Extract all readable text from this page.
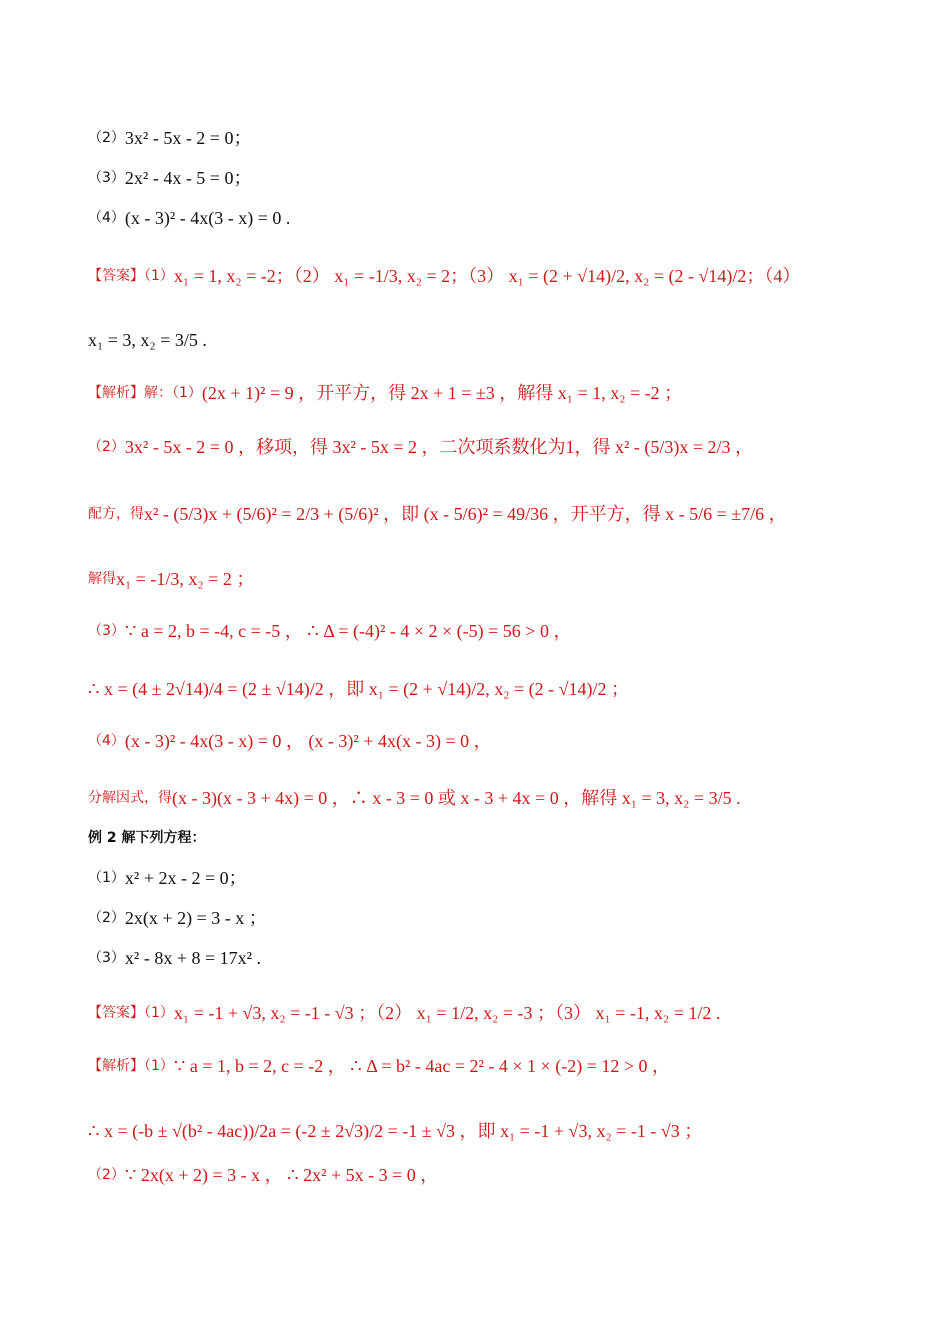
（2） 3x² - 5x - 2 = 0；
（3） 2x² - 4x - 5 = 0；
（4） (x - 3)² - 4x(3 - x) = 0 .
【答案】（1） x₁ = 1, x₂ = -2；（2） x₁ = -1/3, x₂ = 2；（3） x₁ = (2 + √14)/2, x₂ = (2 - √14)/2；（4）
x₁ = 3, x₂ = 3/5 .
【解析】解：（1） (2x + 1)² = 9 ，开平方，得 2x + 1 = ±3 ，解得 x₁ = 1, x₂ = -2 ；
（2） 3x² - 5x - 2 = 0 ，移项，得 3x² - 5x = 2 ，二次项系数化为1，得 x² - (5/3)x = 2/3 ，
配方，得 x² - (5/3)x + (5/6)² = 2/3 + (5/6)² ，即 (x - 5/6)² = 49/36 ，开平方，得 x - 5/6 = ±7/6 ，
解得 x₁ = -1/3, x₂ = 2 ；
（3） ∵ a = 2, b = -4, c = -5 ， ∴ Δ = (-4)² - 4 × 2 × (-5) = 56 > 0 ，
∴ x = (4 ± 2√14)/4 = (2 ± √14)/2 ，即 x₁ = (2 + √14)/2, x₂ = (2 - √14)/2 ；
（4） (x - 3)² - 4x(3 - x) = 0 ， (x - 3)² + 4x(x - 3) = 0 ，
分解因式，得 (x - 3)(x - 3 + 4x) = 0 ，∴ x - 3 = 0 或 x - 3 + 4x = 0 ，解得 x₁ = 3, x₂ = 3/5 .
例 2 解下列方程：
（1） x² + 2x - 2 = 0；
（2） 2x(x + 2) = 3 - x ；
（3） x² - 8x + 8 = 17x² .
【答案】（1） x₁ = -1 + √3, x₂ = -1 - √3 ；（2） x₁ = 1/2, x₂ = -3 ；（3） x₁ = -1, x₂ = 1/2 .
【解析】（1） ∵ a = 1, b = 2, c = -2 ， ∴ Δ = b² - 4ac = 2² - 4 × 1 × (-2) = 12 > 0 ，
∴ x = (-b ± √(b² - 4ac))/2a = (-2 ± 2√3)/2 = -1 ± √3 ，即 x₁ = -1 + √3, x₂ = -1 - √3 ；
（2） ∵ 2x(x + 2) = 3 - x ， ∴ 2x² + 5x - 3 = 0 ，
